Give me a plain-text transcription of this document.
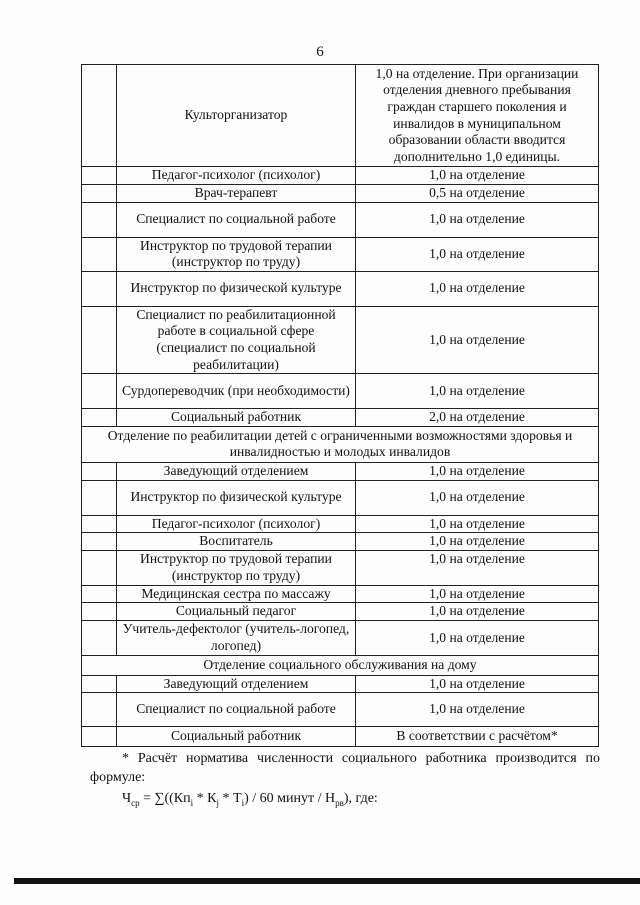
6
	Культорганизатор	1,0 на отделение. При организации отделения дневного пребывания граждан старшего поколения и инвалидов в муниципальном образовании области вводится дополнительно 1,0 единицы.
	Педагог-психолог (психолог)	1,0 на отделение
	Врач-терапевт	0,5 на отделение
	Специалист по социальной работе	1,0 на отделение
	Инструктор по трудовой терапии (инструктор по труду)	1,0 на отделение
	Инструктор по физической культуре	1,0 на отделение
	Специалист по реабилитационной работе в социальной сфере (специалист по социальной реабилитации)	1,0 на отделение
	Сурдопереводчик (при необходимости)	1,0 на отделение
	Социальный работник	2,0 на отделение
Отделение по реабилитации детей с ограниченными возможностями здоровья и инвалидностью и молодых инвалидов		
	Заведующий отделением	1,0 на отделение
	Инструктор по физической культуре	1,0 на отделение
	Педагог-психолог (психолог)	1,0 на отделение
	Воспитатель	1,0 на отделение
	Инструктор по трудовой терапии (инструктор по труду)	1,0 на отделение
	Медицинская сестра по массажу	1,0 на отделение
	Социальный педагог	1,0 на отделение
	Учитель-дефектолог (учитель-логопед, логопед)	1,0 на отделение
Отделение социального обслуживания на дому		
	Заведующий отделением	1,0 на отделение
	Специалист по социальной работе	1,0 на отделение
	Социальный работник	В соответствии с расчётом*
* Расчёт норматива численности социального работника производится по формуле:
$Ч_{ср} = \sum((Кп_i * К_j * Т_i) / 60$ минут / $Н_{рв}$), где:
